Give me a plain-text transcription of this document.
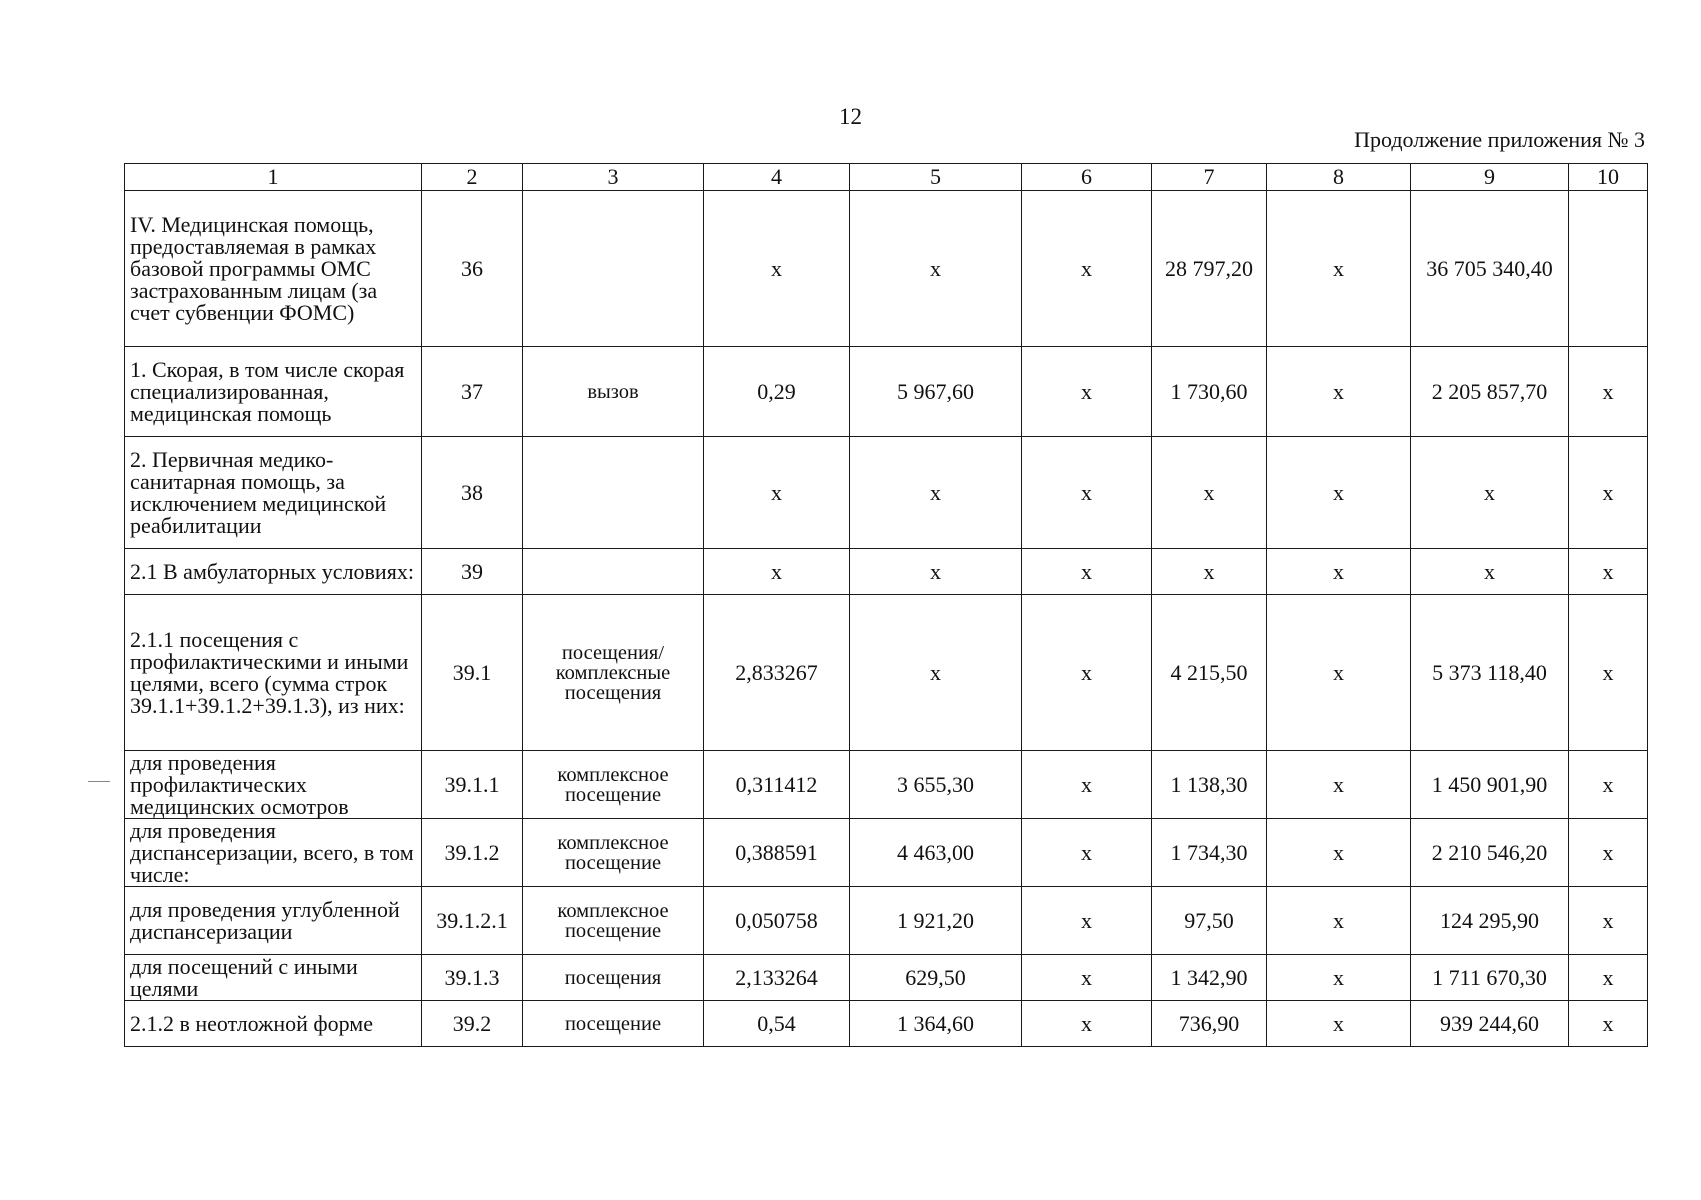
12
Продолжение приложения № 3
1	2	3	4	5	6	7	8	9	10
IV. Медицинская помощь, предоставляемая в рамках базовой программы ОМС застрахованным лицам (за счет субвенции ФОМС)	36		х	х	х	28 797,20	х	36 705 340,40	
1. Скорая, в том числе скорая специализированная, медицинская помощь	37	вызов	0,29	5 967,60	х	1 730,60	х	2 205 857,70	х
2. Первичная медико-санитарная помощь, за исключением медицинской реабилитации	38		х	х	х	х	х	х	х
2.1 В амбулаторных условиях:	39		х	х	х	х	х	х	х
2.1.1 посещения с профилактическими и иными целями, всего (сумма строк 39.1.1+39.1.2+39.1.3), из них:	39.1	посещения/комплексные посещения	2,833267	х	х	4 215,50	х	5 373 118,40	х
для проведения профилактических медицинских осмотров	39.1.1	комплексное посещение	0,311412	3 655,30	х	1 138,30	х	1 450 901,90	х
для проведения диспансеризации, всего, в том числе:	39.1.2	комплексное посещение	0,388591	4 463,00	х	1 734,30	х	2 210 546,20	х
для проведения углубленной диспансеризации	39.1.2.1	комплексное посещение	0,050758	1 921,20	х	97,50	х	124 295,90	х
для посещений с иными целями	39.1.3	посещения	2,133264	629,50	х	1 342,90	х	1 711 670,30	х
2.1.2 в неотложной форме	39.2	посещение	0,54	1 364,60	х	736,90	х	939 244,60	х
